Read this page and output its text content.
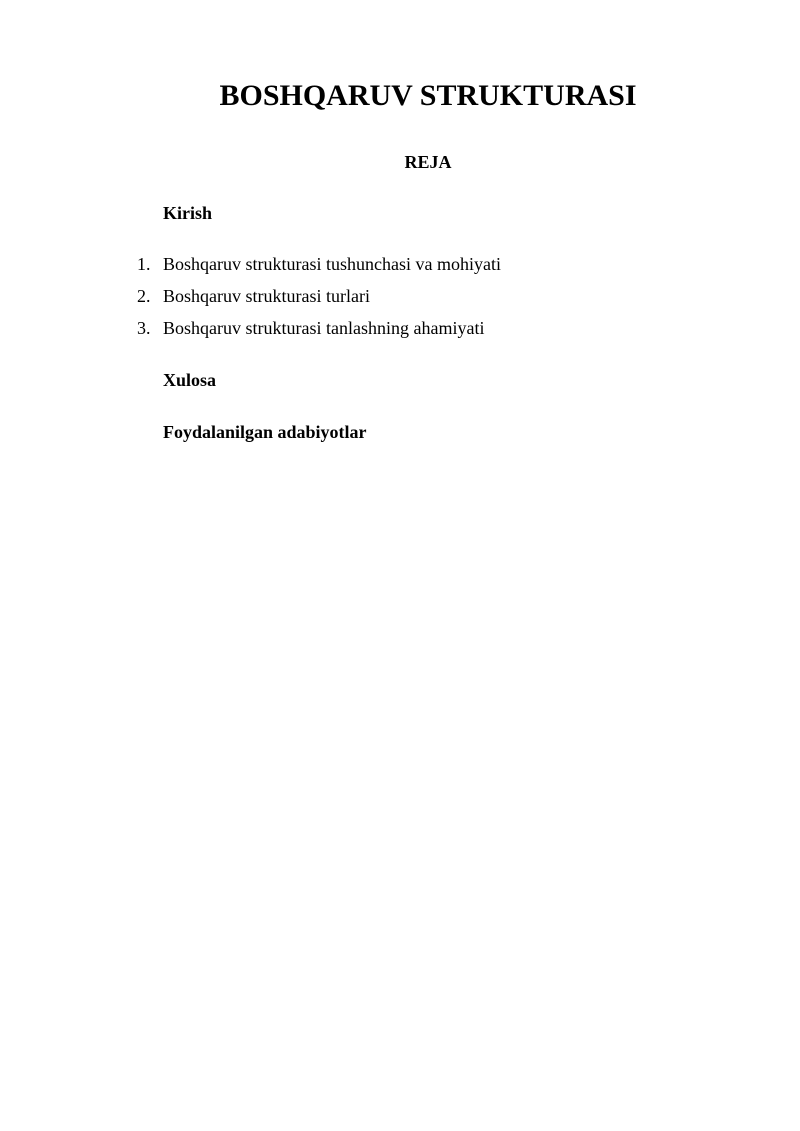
BOSHQARUV STRUKTURASI
REJA
Kirish
1. Boshqaruv strukturasi tushunchasi va mohiyati
2. Boshqaruv strukturasi turlari
3. Boshqaruv strukturasi tanlashning ahamiyati
Xulosa
Foydalanilgan adabiyotlar
